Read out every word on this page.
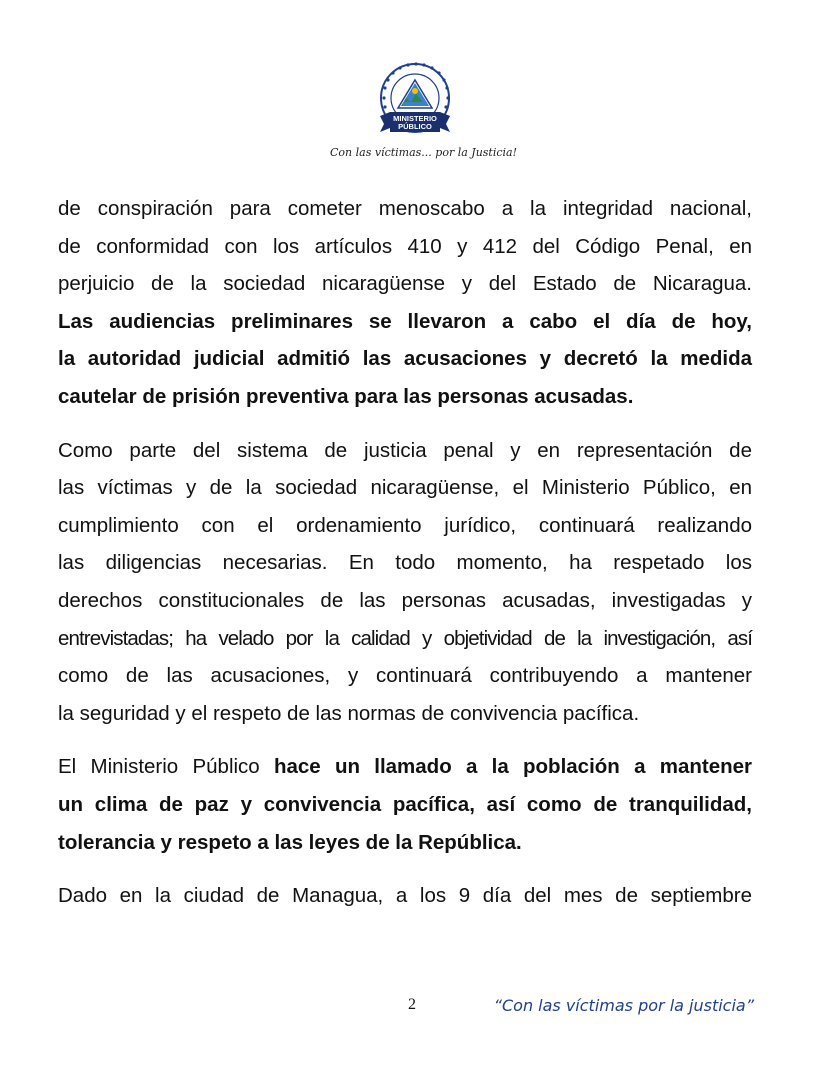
MINISTERIO
PÚBLICO
Con las víctimas... por la Justicia!
de conspiración para cometer menoscabo a la integridad nacional,
de conformidad con los artículos 410 y 412 del Código Penal, en
perjuicio de la sociedad nicaragüense y del Estado de Nicaragua.
Las audiencias preliminares se llevaron a cabo el día de hoy,
la autoridad judicial admitió las acusaciones y decretó la medida
cautelar de prisión preventiva para las personas acusadas.
Como parte del sistema de justicia penal y en representación de
las víctimas y de la sociedad nicaragüense, el Ministerio Público, en
cumplimiento con el ordenamiento jurídico, continuará realizando
las diligencias necesarias. En todo momento, ha respetado los
derechos constitucionales de las personas acusadas, investigadas y
entrevistadas; ha velado por la calidad y objetividad de la investigación, así
como de las acusaciones, y continuará contribuyendo a mantener
la seguridad y el respeto de las normas de convivencia pacífica.
El Ministerio Público hace un llamado a la población a mantener
un clima de paz y convivencia pacífica, así como de tranquilidad,
tolerancia y respeto a las leyes de la República.
Dado en la ciudad de Managua, a los 9 día del mes de septiembre
2	“Con las víctimas por la justicia”
